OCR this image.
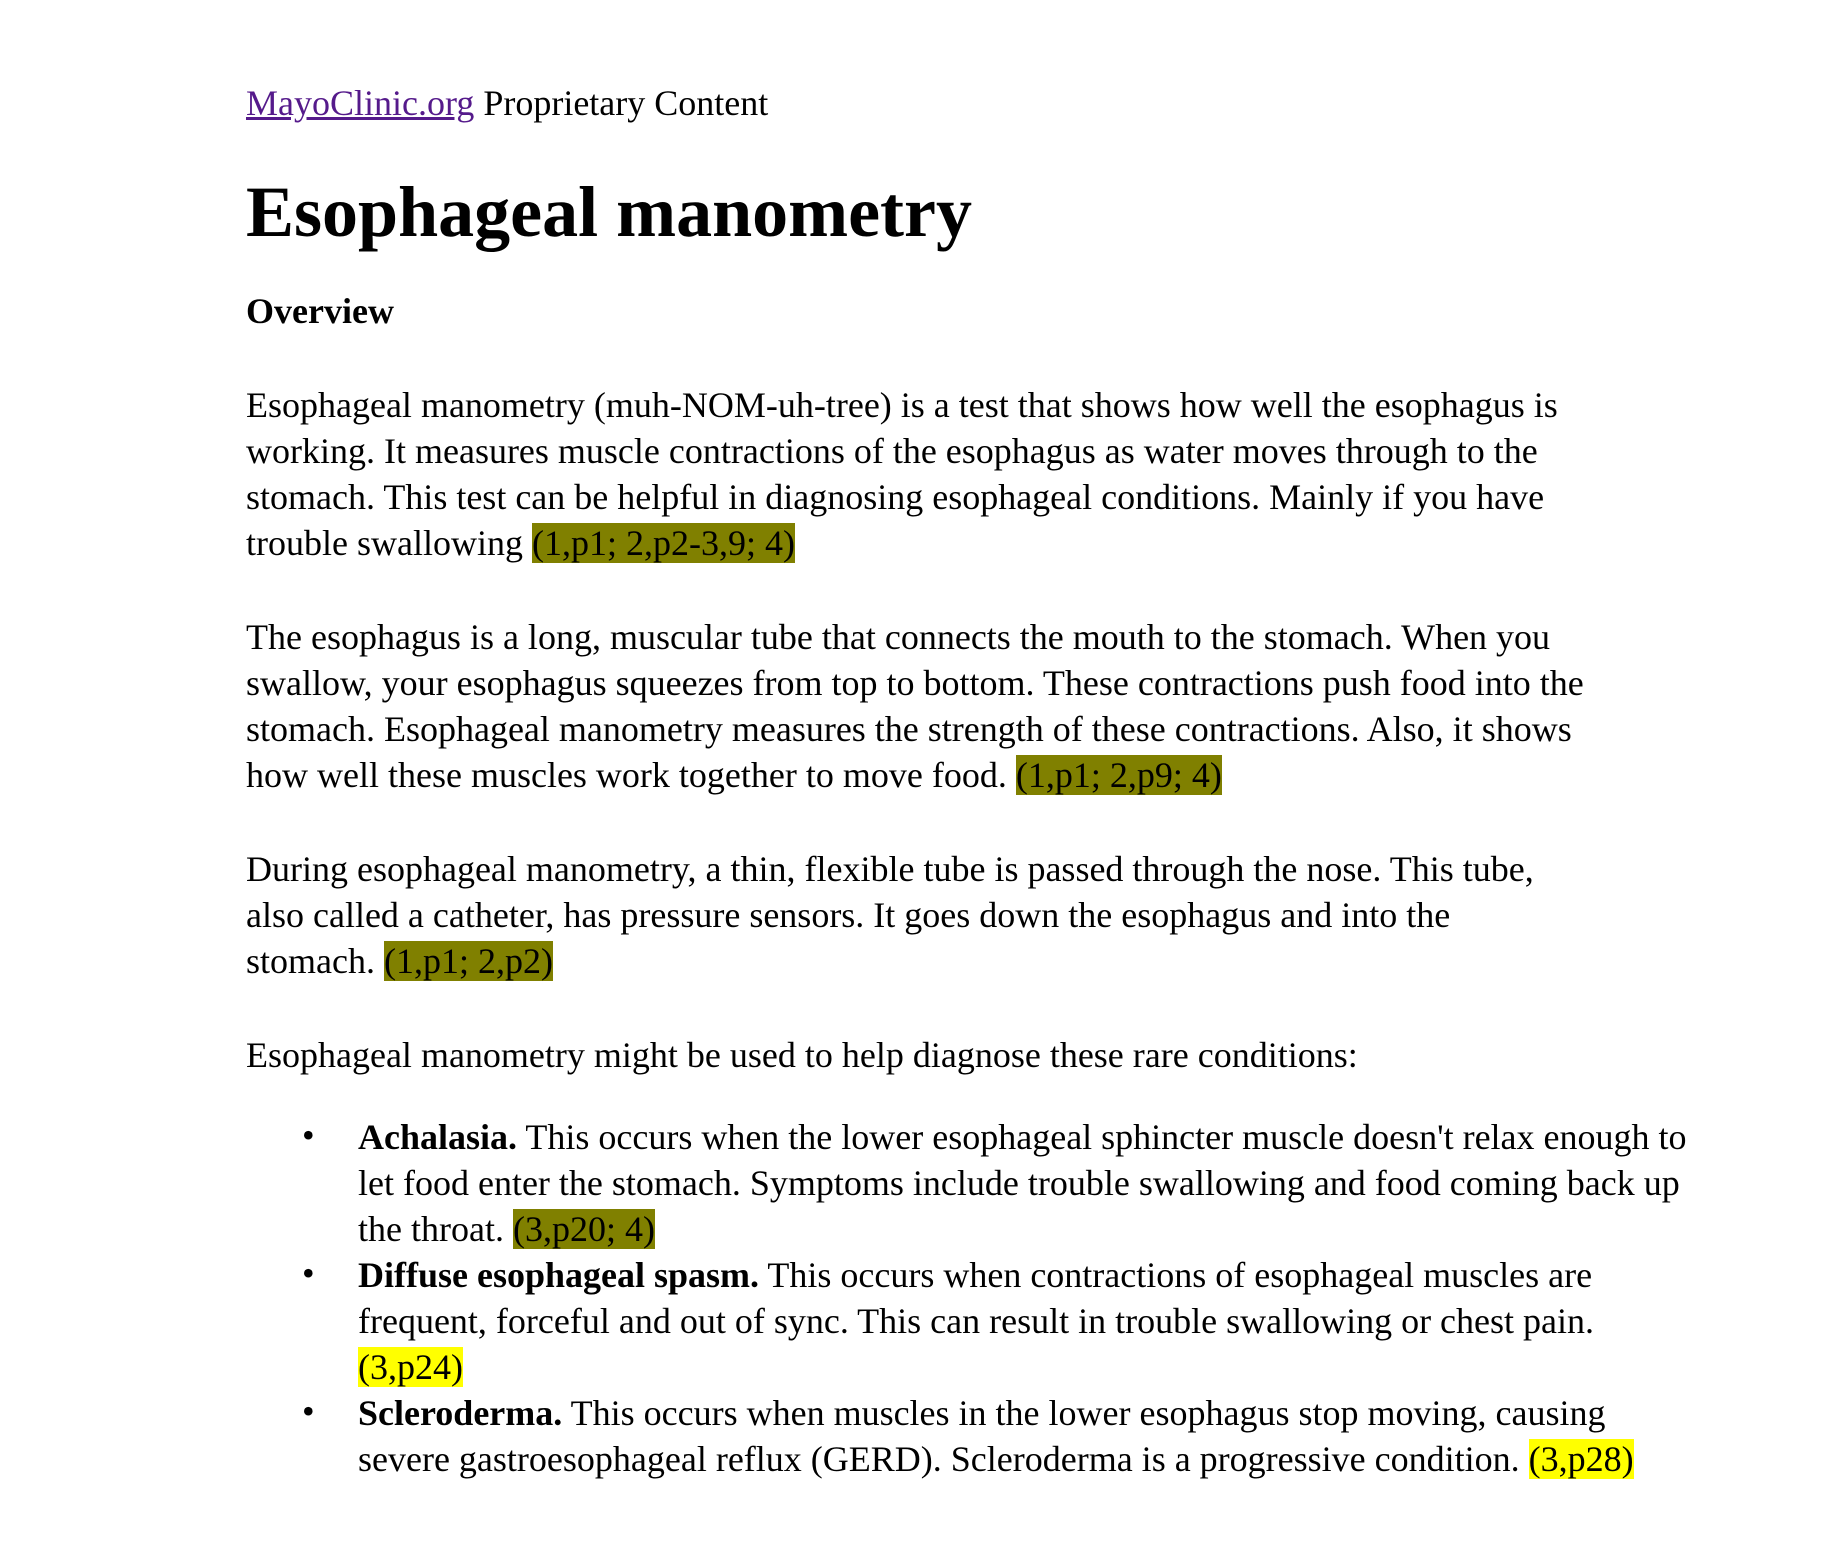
MayoClinic.org Proprietary Content

Esophageal manometry

Overview

Esophageal manometry (muh-NOM-uh-tree) is a test that shows how well the esophagus is working. It measures muscle contractions of the esophagus as water moves through to the stomach. This test can be helpful in diagnosing esophageal conditions. Mainly if you have trouble swallowing (1,p1; 2,p2-3,9; 4)

The esophagus is a long, muscular tube that connects the mouth to the stomach. When you swallow, your esophagus squeezes from top to bottom. These contractions push food into the stomach. Esophageal manometry measures the strength of these contractions. Also, it shows how well these muscles work together to move food. (1,p1; 2,p9; 4)

During esophageal manometry, a thin, flexible tube is passed through the nose. This tube, also called a catheter, has pressure sensors. It goes down the esophagus and into the stomach. (1,p1; 2,p2)

Esophageal manometry might be used to help diagnose these rare conditions:

• Achalasia. This occurs when the lower esophageal sphincter muscle doesn't relax enough to let food enter the stomach. Symptoms include trouble swallowing and food coming back up the throat. (3,p20; 4)
• Diffuse esophageal spasm. This occurs when contractions of esophageal muscles are frequent, forceful and out of sync. This can result in trouble swallowing or chest pain. (3,p24)
• Scleroderma. This occurs when muscles in the lower esophagus stop moving, causing severe gastroesophageal reflux (GERD). Scleroderma is a progressive condition. (3,p28)
